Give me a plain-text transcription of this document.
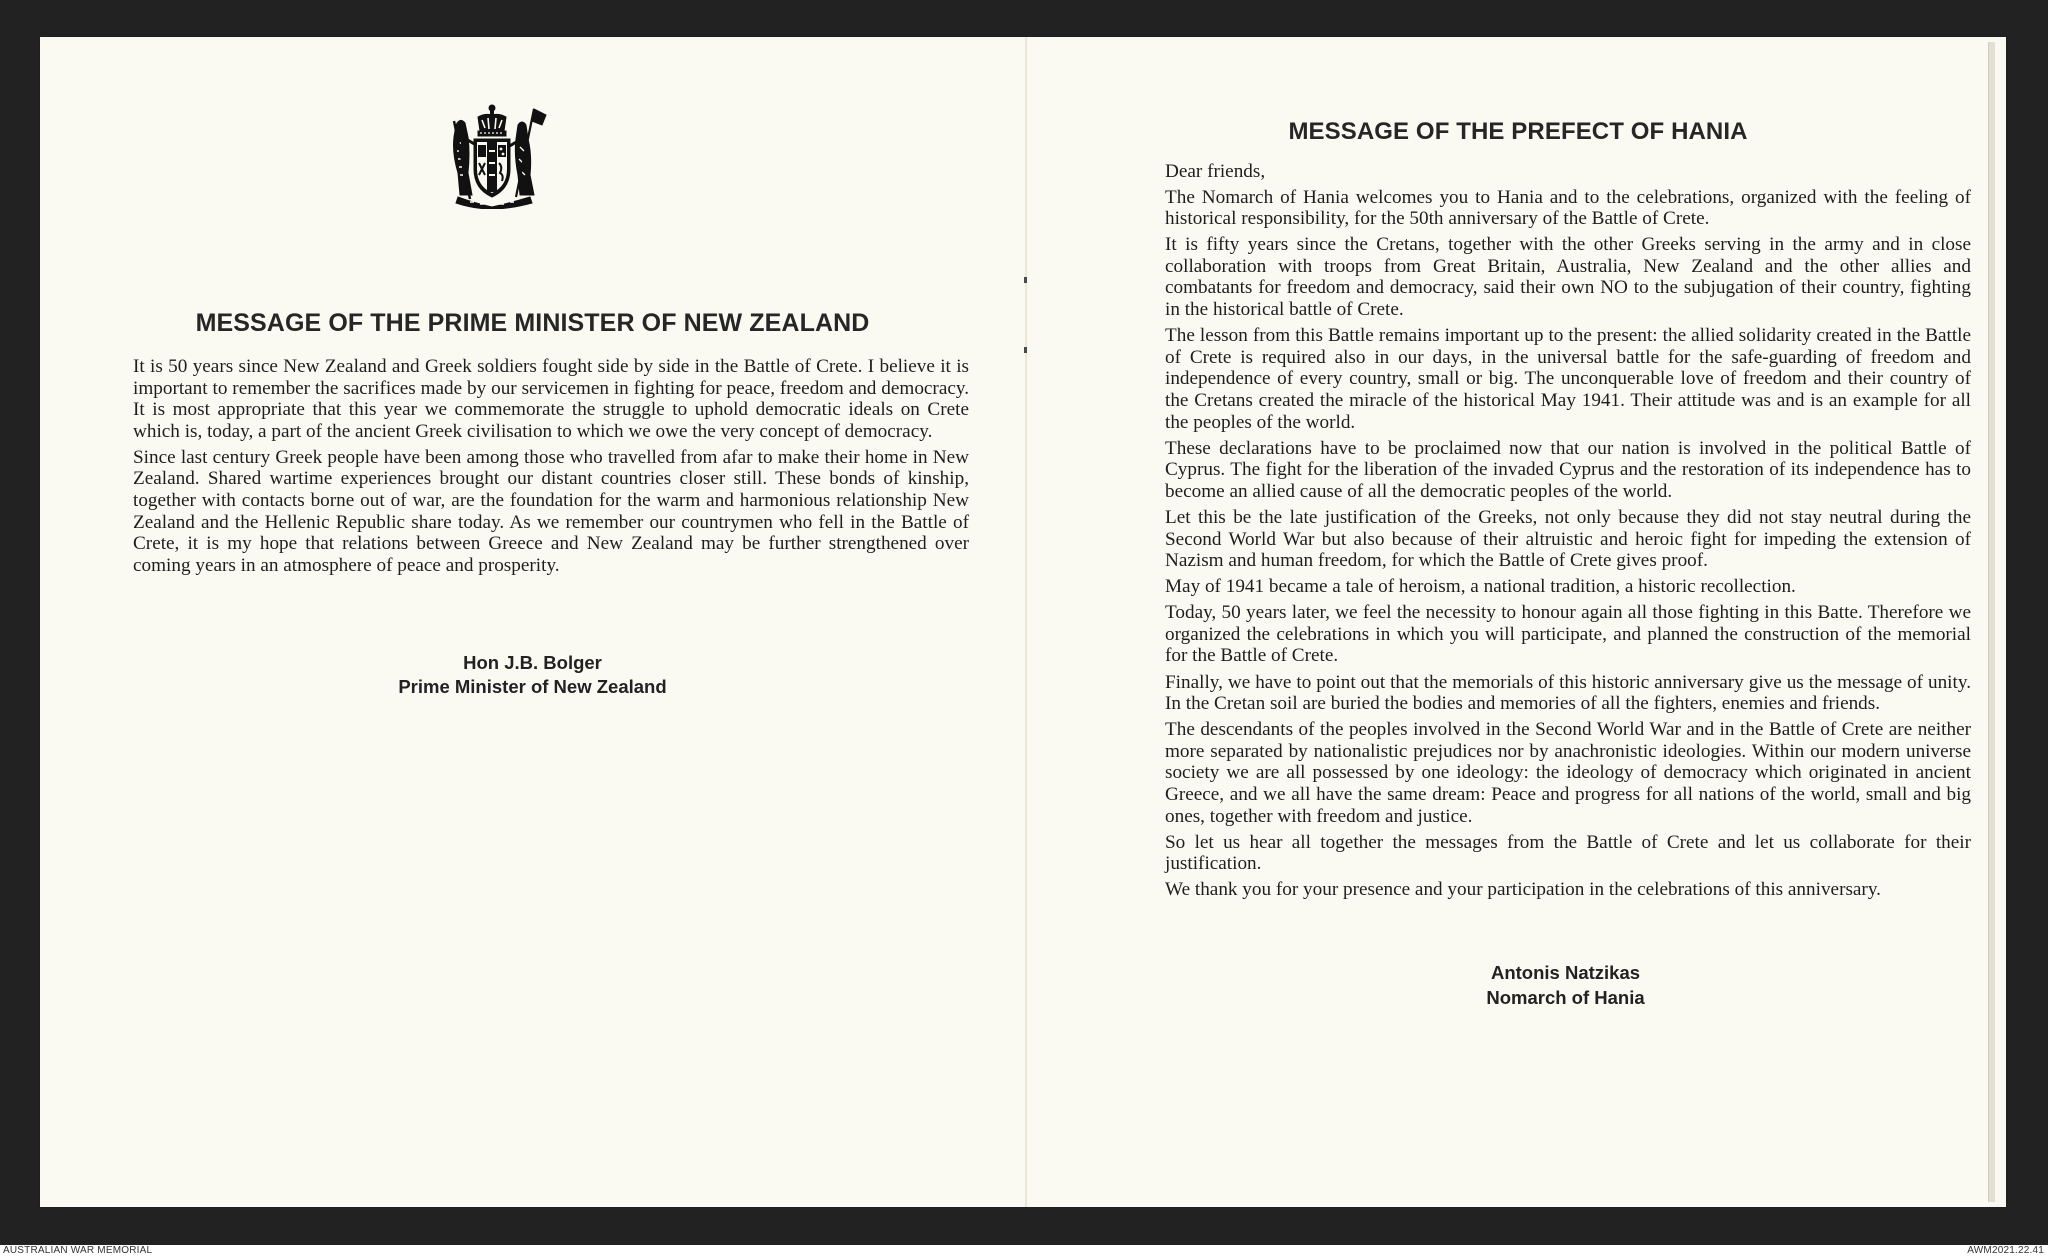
MESSAGE OF THE PRIME MINISTER OF NEW ZEALAND

It is 50 years since New Zealand and Greek soldiers fought side by side in the Battle of Crete. I believe it is important to remember the sacrifices made by our servicemen in fighting for peace, freedom and democracy. It is most appropriate that this year we commemorate the struggle to uphold democratic ideals on Crete which is, today, a part of the ancient Greek civilisation to which we owe the very concept of democracy.

Since last century Greek people have been among those who travelled from afar to make their home in New Zealand. Shared wartime experiences brought our distant countries closer still. These bonds of kinship, together with contacts borne out of war, are the foundation for the warm and harmonious relationship New Zealand and the Hellenic Republic share today. As we remember our countrymen who fell in the Battle of Crete, it is my hope that relations between Greece and New Zealand may be further strengthened over coming years in an atmosphere of peace and prosperity.

Hon J.B. Bolger
Prime Minister of New Zealand
MESSAGE OF THE PREFECT OF HANIA

Dear friends,

The Nomarch of Hania welcomes you to Hania and to the celebrations, organized with the feeling of historical responsibility, for the 50th anniversary of the Battle of Crete.

It is fifty years since the Cretans, together with the other Greeks serving in the army and in close collaboration with troops from Great Britain, Australia, New Zealand and the other allies and combatants for freedom and democracy, said their own NO to the subjugation of their country, fighting in the historical battle of Crete.

The lesson from this Battle remains important up to the present: the allied solidarity created in the Battle of Crete is required also in our days, in the universal battle for the safe-guarding of freedom and independence of every country, small or big. The unconquerable love of freedom and their country of the Cretans created the miracle of the historical May 1941. Their attitude was and is an example for all the peoples of the world.

These declarations have to be proclaimed now that our nation is involved in the political Battle of Cyprus. The fight for the liberation of the invaded Cyprus and the restoration of its independence has to become an allied cause of all the democratic peoples of the world.

Let this be the late justification of the Greeks, not only because they did not stay neutral during the Second World War but also because of their altruistic and heroic fight for impeding the extension of Nazism and human freedom, for which the Battle of Crete gives proof.

May of 1941 became a tale of heroism, a national tradition, a historic recollection.

Today, 50 years later, we feel the necessity to honour again all those fighting in this Batte. Therefore we organized the celebrations in which you will participate, and planned the construction of the memorial for the Battle of Crete.

Finally, we have to point out that the memorials of this historic anniversary give us the message of unity. In the Cretan soil are buried the bodies and memories of all the fighters, enemies and friends.

The descendants of the peoples involved in the Second World War and in the Battle of Crete are neither more separated by nationalistic prejudices nor by anachronistic ideologies. Within our modern universe society we are all possessed by one ideology: the ideology of democracy which originated in ancient Greece, and we all have the same dream: Peace and progress for all nations of the world, small and big ones, together with freedom and justice.

So let us hear all together the messages from the Battle of Crete and let us collaborate for their justification.

We thank you for your presence and your participation in the celebrations of this anniversary.

Antonis Natzikas
Nomarch of Hania
AUSTRALIAN WAR MEMORIAL	AWM2021.22.41
